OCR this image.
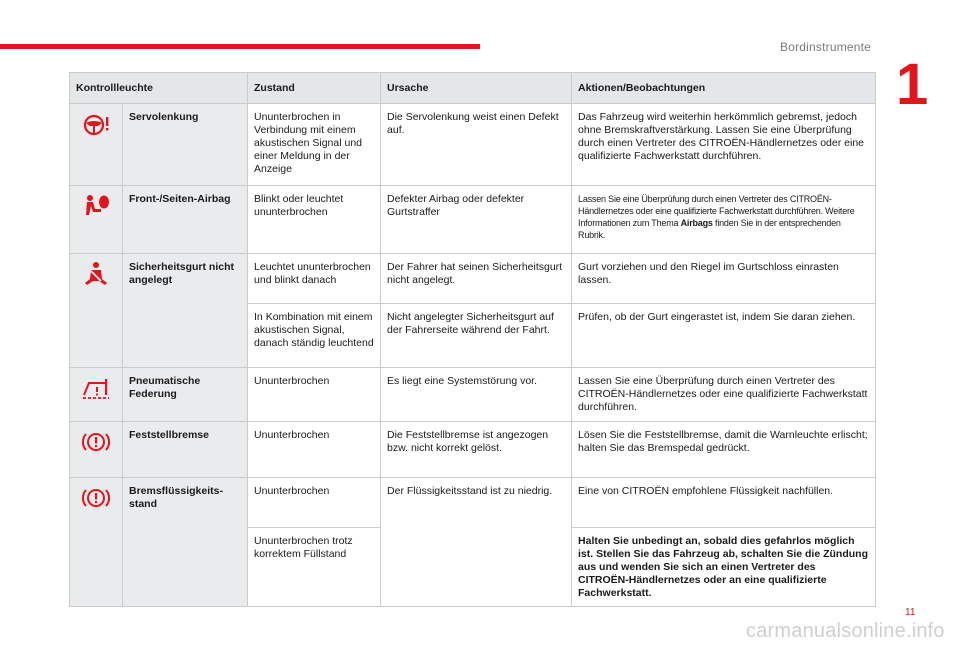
Bordinstrumente
1
Kontrollleuchte		Zustand	Ursache	Aktionen/Beobachtungen
	Servolenkung	Ununterbrochen in Verbindung mit einem akustischen Signal und einer Meldung in der Anzeige	Die Servolenkung weist einen Defekt auf.	Das Fahrzeug wird weiterhin herkömmlich gebremst, jedoch ohne Bremskraftverstärkung. Lassen Sie eine Überprüfung durch einen Vertreter des CITROËN-Händlernetzes oder eine qualifizierte Fachwerkstatt durchführen.
	Front-/Seiten-Airbag	Blinkt oder leuchtet ununterbrochen	Defekter Airbag oder defekter Gurtstraffer	Lassen Sie eine Überprüfung durch einen Vertreter des CITROËN-Händlernetzes oder eine qualifizierte Fachwerkstatt durchführen. Weitere Informationen zum Thema Airbags finden Sie in der entsprechenden Rubrik.
	Sicherheitsgurt nicht angelegt	Leuchtet ununterbrochen und blinkt danach	Der Fahrer hat seinen Sicherheitsgurt nicht angelegt.	Gurt vorziehen und den Riegel im Gurtschloss einrasten lassen.
		In Kombination mit einem akustischen Signal, danach ständig leuchtend	Nicht angelegter Sicherheitsgurt auf der Fahrerseite während der Fahrt.	Prüfen, ob der Gurt eingerastet ist, indem Sie daran ziehen.
	Pneumatische Federung	Ununterbrochen	Es liegt eine Systemstörung vor.	Lassen Sie eine Überprüfung durch einen Vertreter des CITROËN-Händlernetzes oder eine qualifizierte Fachwerkstatt durchführen.
	Feststellbremse	Ununterbrochen	Die Feststellbremse ist angezogen bzw. nicht korrekt gelöst.	Lösen Sie die Feststellbremse, damit die Warnleuchte erlischt; halten Sie das Bremspedal gedrückt.
	Bremsflüssigkeits-stand	Ununterbrochen	Der Flüssigkeitsstand ist zu niedrig.	Eine von CITROËN empfohlene Flüssigkeit nachfüllen.
		Ununterbrochen trotz korrektem Füllstand		Halten Sie unbedingt an, sobald dies gefahrlos möglich ist. Stellen Sie das Fahrzeug ab, schalten Sie die Zündung aus und wenden Sie sich an einen Vertreter des CITROËN-Händlernetzes oder an eine qualifizierte Fachwerkstatt.
11
carmanualsonline.info
